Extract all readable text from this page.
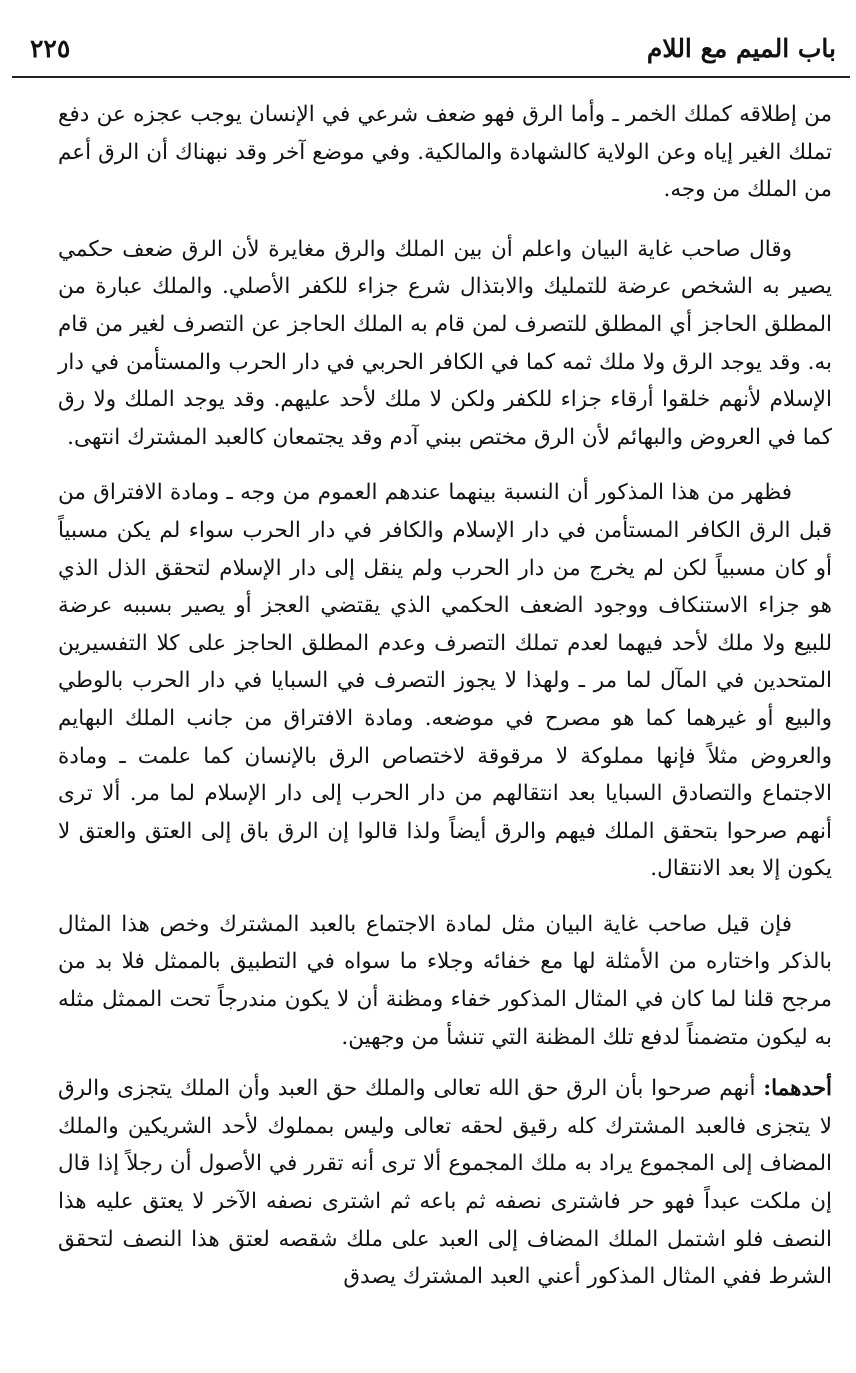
باب الميم مع اللام
٢٢٥

من إطلاقه كملك الخمر ـ وأما الرق فهو ضعف شرعي في الإنسان يوجب عجزه عن دفع تملك الغير إياه وعن الولاية كالشهادة والمالكية. وفي موضع آخر وقد نبهناك أن الرق أعم من الملك من وجه.

وقال صاحب غاية البيان واعلم أن بين الملك والرق مغايرة لأن الرق ضعف حكمي يصير به الشخص عرضة للتمليك والابتذال شرع جزاء للكفر الأصلي. والملك عبارة من المطلق الحاجز أي المطلق للتصرف لمن قام به الملك الحاجز عن التصرف لغير من قام به. وقد يوجد الرق ولا ملك ثمه كما في الكافر الحربي في دار الحرب والمستأمن في دار الإسلام لأنهم خلقوا أرقاء جزاء للكفر ولكن لا ملك لأحد عليهم. وقد يوجد الملك ولا رق كما في العروض والبهائم لأن الرق مختص ببني آدم وقد يجتمعان كالعبد المشترك انتهى.

فظهر من هذا المذكور أن النسبة بينهما عندهم العموم من وجه ـ ومادة الافتراق من قبل الرق الكافر المستأمن في دار الإسلام والكافر في دار الحرب سواء لم يكن مسبياً أو كان مسبياً لكن لم يخرج من دار الحرب ولم ينقل إلى دار الإسلام لتحقق الذل الذي هو جزاء الاستنكاف ووجود الضعف الحكمي الذي يقتضي العجز أو يصير بسببه عرضة للبيع ولا ملك لأحد فيهما لعدم تملك التصرف وعدم المطلق الحاجز على كلا التفسيرين المتحدين في المآل لما مر ـ ولهذا لا يجوز التصرف في السبايا في دار الحرب بالوطي والبيع أو غيرهما كما هو مصرح في موضعه. ومادة الافتراق من جانب الملك البهايم والعروض مثلاً فإنها مملوكة لا مرقوقة لاختصاص الرق بالإنسان كما علمت ـ ومادة الاجتماع والتصادق السبايا بعد انتقالهم من دار الحرب إلى دار الإسلام لما مر. ألا ترى أنهم صرحوا بتحقق الملك فيهم والرق أيضاً ولذا قالوا إن الرق باق إلى العتق والعتق لا يكون إلا بعد الانتقال.

فإن قيل صاحب غاية البيان مثل لمادة الاجتماع بالعبد المشترك وخص هذا المثال بالذكر واختاره من الأمثلة لها مع خفائه وجلاء ما سواه في التطبيق بالممثل فلا بد من مرجح قلنا لما كان في المثال المذكور خفاء ومظنة أن لا يكون مندرجاً تحت الممثل مثله به ليكون متضمناً لدفع تلك المظنة التي تنشأ من وجهين.

أحدهما: أنهم صرحوا بأن الرق حق الله تعالى والملك حق العبد وأن الملك يتجزى والرق لا يتجزى فالعبد المشترك كله رقيق لحقه تعالى وليس بمملوك لأحد الشريكين والملك المضاف إلى المجموع يراد به ملك المجموع ألا ترى أنه تقرر في الأصول أن رجلاً إذا قال إن ملكت عبداً فهو حر فاشترى نصفه ثم باعه ثم اشترى نصفه الآخر لا يعتق عليه هذا النصف فلو اشتمل الملك المضاف إلى العبد على ملك شقصه لعتق هذا النصف لتحقق الشرط ففي المثال المذكور أعني العبد المشترك يصدق
